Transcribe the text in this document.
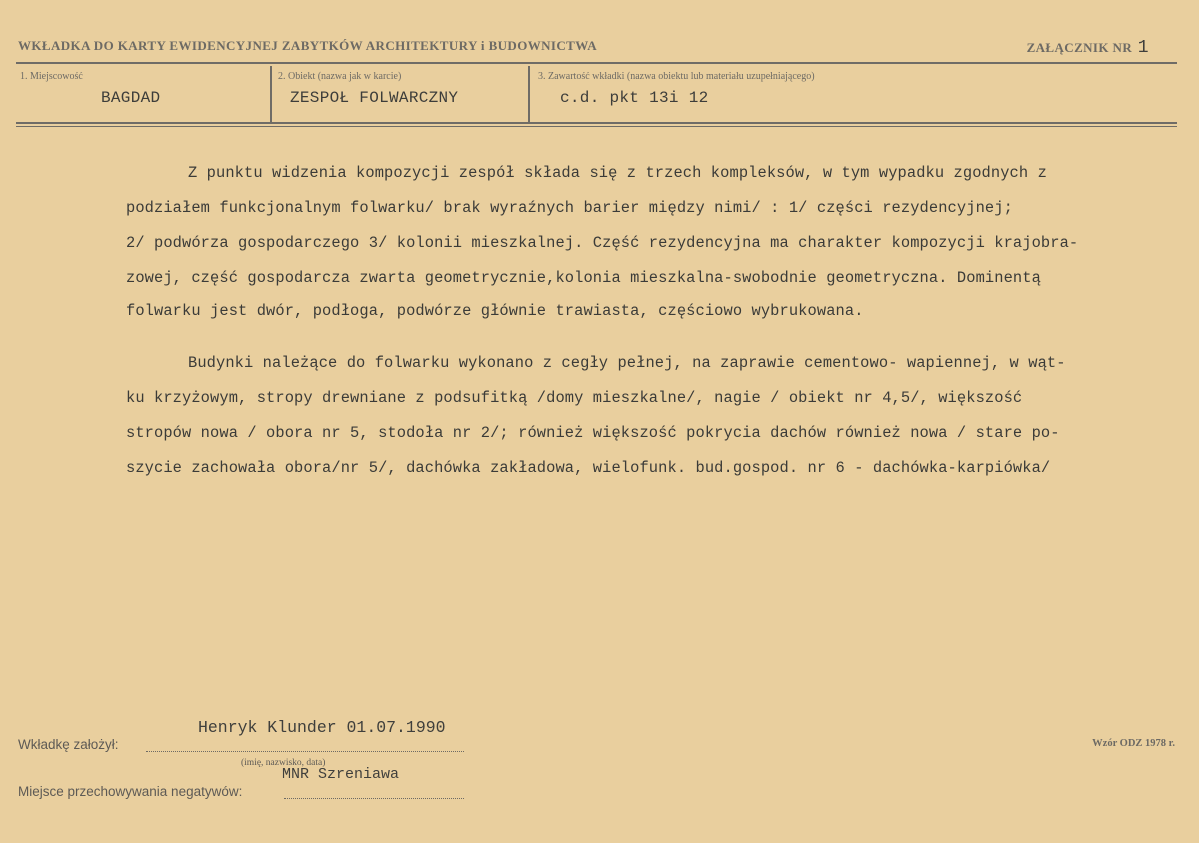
WKŁADKA DO KARTY EWIDENCYJNEJ ZABYTKÓW ARCHITEKTURY i BUDOWNICTWA	ZAŁĄCZNIK NR 1
1. Miejscowość
BAGDAD
2. Obiekt (nazwa jak w karcie)
ZESPOŁ FOLWARCZNY
3. Zawartość wkładki (nazwa obiektu lub materiału uzupełniającego)
c.d. pkt 13i 12
Z punktu widzenia kompozycji zespół składa się z trzech kompleksów, w tym wypadku zgodnych z
podziałem funkcjonalnym folwarku/ brak wyraźnych barier między nimi/ : 1/ części rezydencyjnej;
2/ podwórza gospodarczego 3/ kolonii mieszkalnej. Część rezydencyjna ma charakter kompozycji krajobra-
zowej, część gospodarcza zwarta geometrycznie,kolonia mieszkalna-swobodnie geometryczna. Dominentą
folwarku jest dwór, podłoga, podwórze głównie trawiasta, częściowo wybrukowana.
Budynki należące do folwarku wykonano z cegły pełnej, na zaprawie cementowo- wapiennej, w wąt-
ku krzyżowym, stropy drewniane z podsufitką /domy mieszkalne/, nagie / obiekt nr 4,5/, większość
stropów nowa / obora nr 5, stodoła nr 2/; również większość pokrycia dachów również nowa / stare po-
szycie zachowała obora/nr 5/, dachówka zakładowa, wielofunk. bud.gospod. nr 6 - dachówka-karpiówka/
Henryk Klunder 01.07.1990
Wkładkę założył:
(imię, nazwisko, data)
MNR Szreniawa
Miejsce przechowywania negatywów:
Wzór ODZ 1978 r.
